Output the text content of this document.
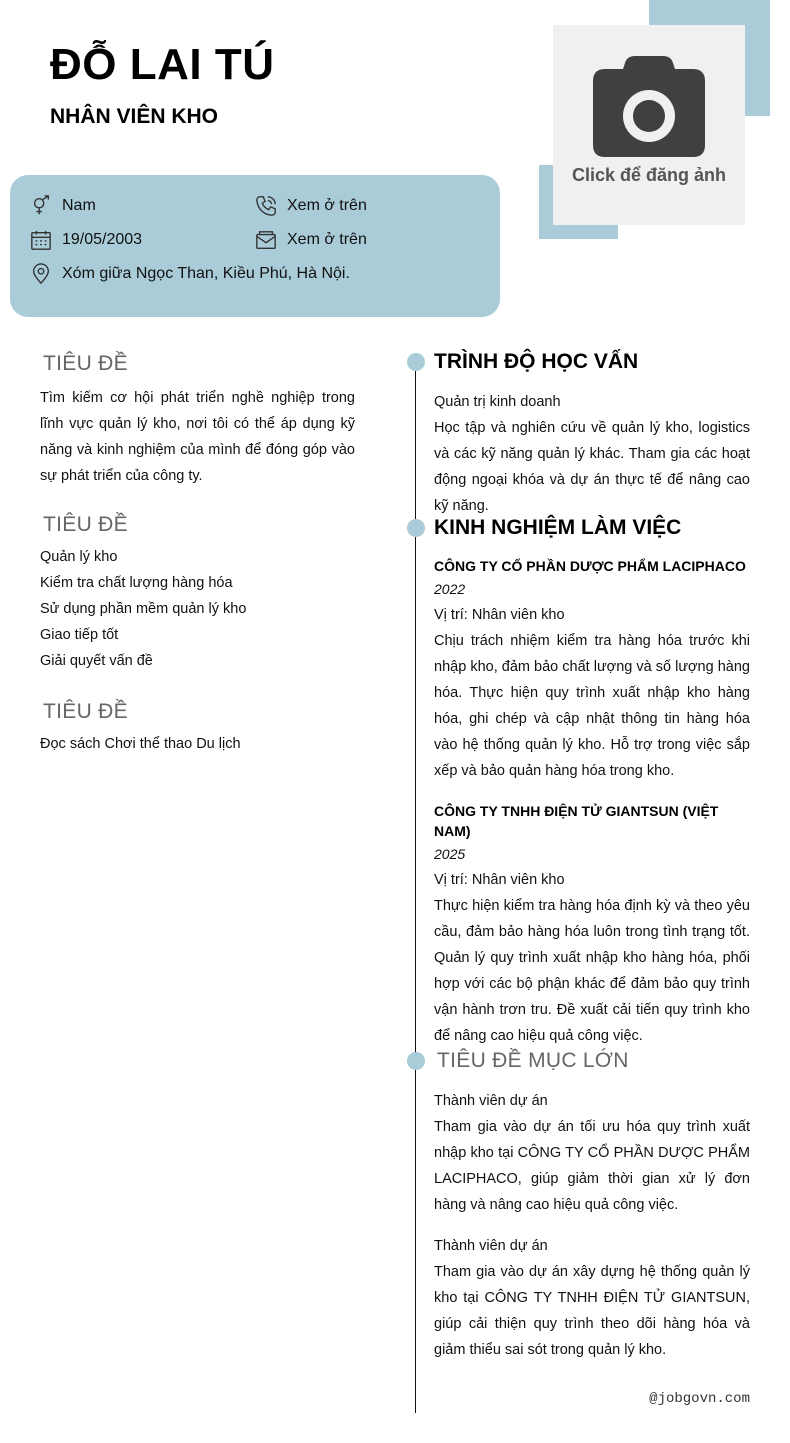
ĐỖ LAI TÚ
NHÂN VIÊN KHO
Click để đăng ảnh
Nam
19/05/2003
Xóm giữa Ngọc Than, Kiều Phú, Hà Nội.
Xem ở trên
Xem ở trên
TIÊU ĐỀ
Tìm kiếm cơ hội phát triển nghề nghiệp trong lĩnh vực quản lý kho, nơi tôi có thể áp dụng kỹ năng và kinh nghiệm của mình để đóng góp vào sự phát triển của công ty.
TIÊU ĐỀ
Quản lý kho
Kiểm tra chất lượng hàng hóa
Sử dụng phần mềm quản lý kho
Giao tiếp tốt
Giải quyết vấn đề
TIÊU ĐỀ
Đọc sách Chơi thể thao Du lịch
TRÌNH ĐỘ HỌC VẤN
Quản trị kinh doanh
Học tập và nghiên cứu về quản lý kho, logistics và các kỹ năng quản lý khác. Tham gia các hoạt động ngoại khóa và dự án thực tế để nâng cao kỹ năng.
KINH NGHIỆM LÀM VIỆC
CÔNG TY CỔ PHẦN DƯỢC PHẨM LACIPHACO
2022
Vị trí: Nhân viên kho
Chịu trách nhiệm kiểm tra hàng hóa trước khi nhập kho, đảm bảo chất lượng và số lượng hàng hóa. Thực hiện quy trình xuất nhập kho hàng hóa, ghi chép và cập nhật thông tin hàng hóa vào hệ thống quản lý kho. Hỗ trợ trong việc sắp xếp và bảo quản hàng hóa trong kho.
CÔNG TY TNHH ĐIỆN TỬ GIANTSUN (VIỆT NAM)
2025
Vị trí: Nhân viên kho
Thực hiện kiểm tra hàng hóa định kỳ và theo yêu cầu, đảm bảo hàng hóa luôn trong tình trạng tốt. Quản lý quy trình xuất nhập kho hàng hóa, phối hợp với các bộ phận khác để đảm bảo quy trình vận hành trơn tru. Đề xuất cải tiến quy trình kho để nâng cao hiệu quả công việc.
TIÊU ĐỀ MỤC LỚN
Thành viên dự án
Tham gia vào dự án tối ưu hóa quy trình xuất nhập kho tại CÔNG TY CỔ PHẦN DƯỢC PHẨM LACIPHACO, giúp giảm thời gian xử lý đơn hàng và nâng cao hiệu quả công việc.
Thành viên dự án
Tham gia vào dự án xây dựng hệ thống quản lý kho tại CÔNG TY TNHH ĐIỆN TỬ GIANTSUN, giúp cải thiện quy trình theo dõi hàng hóa và giảm thiểu sai sót trong quản lý kho.
@jobgovn.com
